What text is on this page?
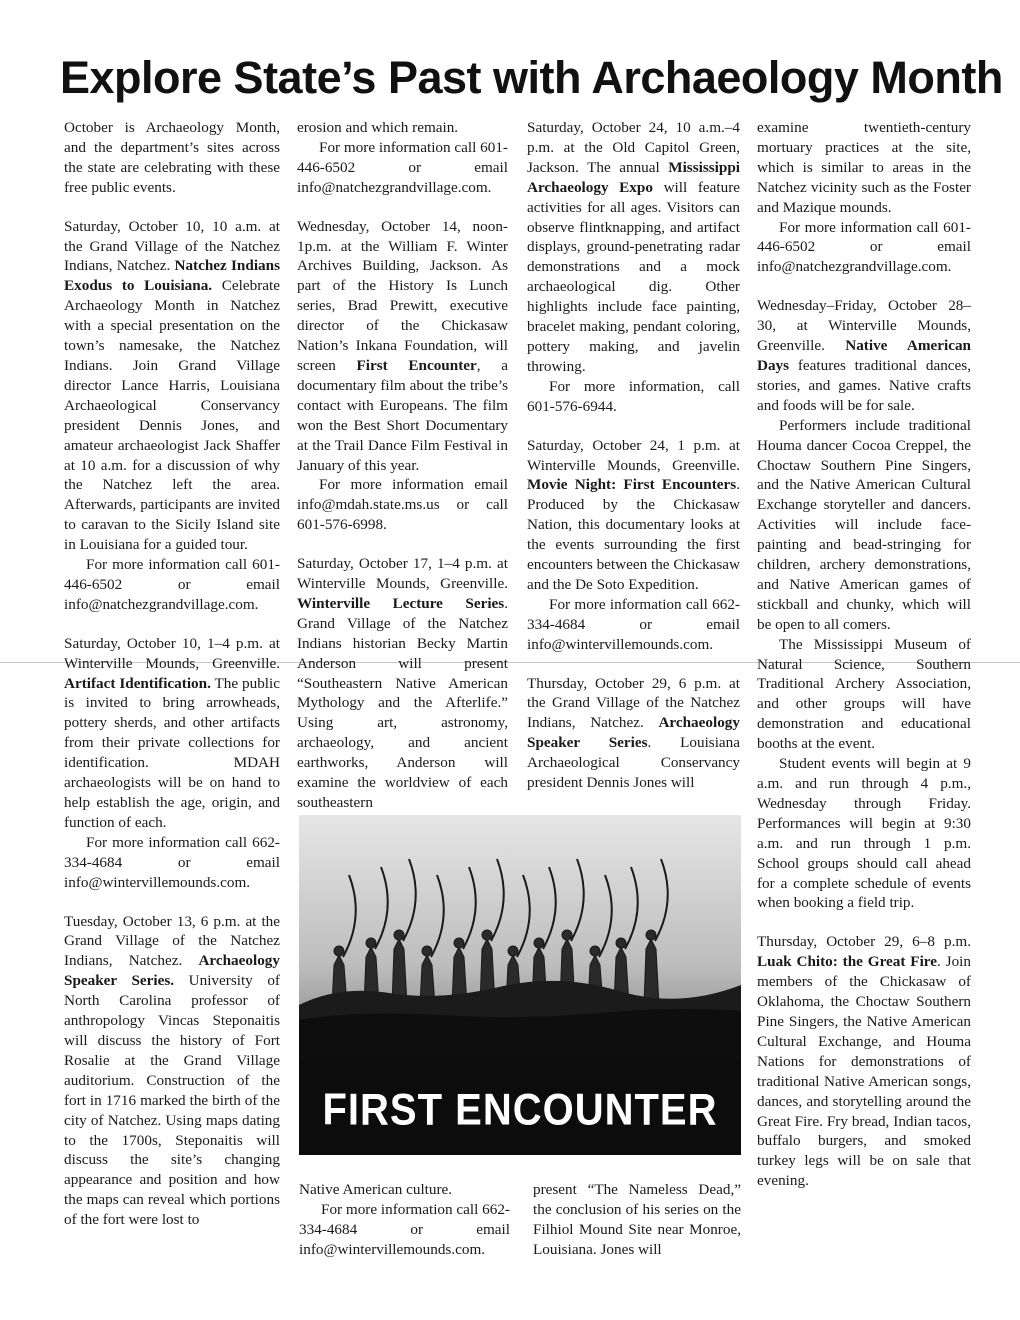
Explore State’s Past with Archaeology Month

October is Archaeology Month, and the department’s sites across the state are celebrating with these free public events.

Saturday, October 10, 10 a.m. at the Grand Village of the Natchez Indians, Natchez. Natchez Indians Exodus to Louisiana. Celebrate Archaeology Month in Natchez with a special presentation on the town’s namesake, the Natchez Indians. Join Grand Village director Lance Harris, Louisiana Archaeological Conservancy president Dennis Jones, and amateur archaeologist Jack Shaffer at 10 a.m. for a discussion of why the Natchez left the area. Afterwards, participants are invited to caravan to the Sicily Island site in Louisiana for a guided tour.

For more information call 601-446-6502 or email info@natchezgrandvillage.com.

Saturday, October 10, 1–4 p.m. at Winterville Mounds, Greenville. Artifact Identification. The public is invited to bring arrowheads, pottery sherds, and other artifacts from their private collections for identification. MDAH archaeologists will be on hand to help establish the age, origin, and function of each.

For more information call 662-334-4684 or email info@wintervillemounds.com.

Tuesday, October 13, 6 p.m. at the Grand Village of the Natchez Indians, Natchez. Archaeology Speaker Series. University of North Carolina professor of anthropology Vincas Steponaitis will discuss the history of Fort Rosalie at the Grand Village auditorium. Construction of the fort in 1716 marked the birth of the city of Natchez. Using maps dating to the 1700s, Steponaitis will discuss the site’s changing appearance and position and how the maps can reveal which portions of the fort were lost to

erosion and which remain.

For more information call 601-446-6502 or email info@natchezgrandvillage.com.

Wednesday, October 14, noon-1p.m. at the William F. Winter Archives Building, Jackson. As part of the History Is Lunch series, Brad Prewitt, executive director of the Chickasaw Nation’s Inkana Foundation, will screen First Encounter, a documentary film about the tribe’s contact with Europeans. The film won the Best Short Documentary at the Trail Dance Film Festival in January of this year.

For more information email info@mdah.state.ms.us or call 601-576-6998.

Saturday, October 17, 1–4 p.m. at Winterville Mounds, Greenville. Winterville Lecture Series. Grand Village of the Natchez Indians historian Becky Martin Anderson will present “Southeastern Native American Mythology and the Afterlife.” Using art, astronomy, archaeology, and ancient earthworks, Anderson will examine the worldview of each southeastern

Saturday, October 24, 10 a.m.–4 p.m. at the Old Capitol Green, Jackson. The annual Mississippi Archaeology Expo will feature activities for all ages. Visitors can observe flintknapping, and artifact displays, ground-penetrating radar demonstrations and a mock archaeological dig. Other highlights include face painting, bracelet making, pendant coloring, pottery making, and javelin throwing.

For more information, call 601-576-6944.

Saturday, October 24, 1 p.m. at Winterville Mounds, Greenville. Movie Night: First Encounters. Produced by the Chickasaw Nation, this documentary looks at the events surrounding the first encounters between the Chickasaw and the De Soto Expedition.

For more information call 662-334-4684 or email info@wintervillemounds.com.

Thursday, October 29, 6 p.m. at the Grand Village of the Natchez Indians, Natchez. Archaeology Speaker Series. Louisiana Archaeological Conservancy president Dennis Jones will

examine twentieth-century mortuary practices at the site, which is similar to areas in the Natchez vicinity such as the Foster and Mazique mounds.

For more information call 601-446-6502 or email info@natchezgrandvillage.com.

Wednesday–Friday, October 28–30, at Winterville Mounds, Greenville. Native American Days features traditional dances, stories, and games. Native crafts and foods will be for sale.

Performers include traditional Houma dancer Cocoa Creppel, the Choctaw Southern Pine Singers, and the Native American Cultural Exchange storyteller and dancers. Activities will include face-painting and bead-stringing for children, archery demonstrations, and Native American games of stickball and chunky, which will be open to all comers.

The Mississippi Museum of Natural Science, Southern Traditional Archery Association, and other groups will have demonstration and educational booths at the event.

Student events will begin at 9 a.m. and run through 4 p.m., Wednesday through Friday. Performances will begin at 9:30 a.m. and run through 1 p.m. School groups should call ahead for a complete schedule of events when booking a field trip.

Thursday, October 29, 6–8 p.m. Luak Chito: the Great Fire. Join members of the Chickasaw of Oklahoma, the Choctaw Southern Pine Singers, the Native American Cultural Exchange, and Houma Nations for demonstrations of traditional Native American songs, dances, and storytelling around the Great Fire. Fry bread, Indian tacos, buffalo burgers, and smoked turkey legs will be on sale that evening.

FIRST ENCOUNTER

Native American culture.

For more information call 662-334-4684 or email info@wintervillemounds.com.

present “The Nameless Dead,” the conclusion of his series on the Filhiol Mound Site near Monroe, Louisiana. Jones will
